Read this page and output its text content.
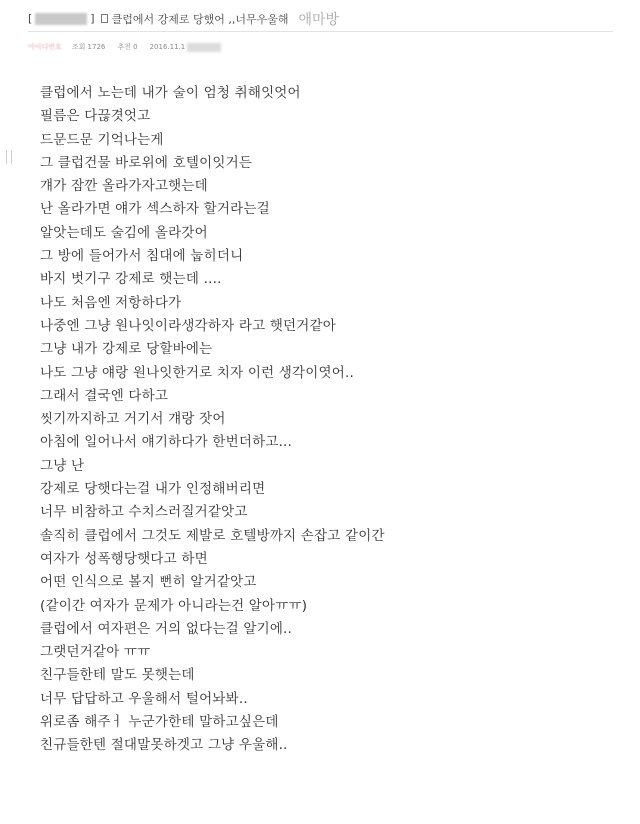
[	] 클럽에서 강제로 당했어 ,,너무우울해 애마방
아이디번호 조회 1726 추천 0 2016.11.1
클럽에서 노는데 내가 술이 엄청 취해잇엇어
필름은 다끊겻엇고
드문드문 기억나는게
그 클럽건물 바로위에 호텔이잇거든
걔가 잠깐 올라가자고햇는데
난 올라가면 얘가 섹스하자 할거라는걸
알앗는데도 술김에 올라갓어
그 방에 들어가서 침대에 눕히더니
바지 벗기구 강제로 햇는데 ....
나도 처음엔 저항하다가
나중엔 그냥 원나잇이라생각하자 라고 햇던거같아
그냥 내가 강제로 당할바에는
나도 그냥 얘랑 원나잇한거로 치자 이런 생각이엿어..
그래서 결국엔 다하고
씻기까지하고 거기서 걔랑 잣어
아침에 일어나서 얘기하다가 한번더하고...
그냥 난
강제로 당햇다는걸 내가 인정해버리면
너무 비참하고 수치스러질거같앗고
솔직히 클럽에서 그것도 제발로 호텔방까지 손잡고 같이간
여자가 성폭행당햇다고 하면
어떤 인식으로 볼지 뻔히 알거같앗고
(같이간 여자가 문제가 아니라는건 알아ㅠㅠ)
클럽에서 여자편은 거의 없다는걸 알기에..
그랫던거같아 ㅠㅠ
친구들한테 말도 못햇는데
너무 답답하고 우울해서 털어놔봐..
위로좀 해주ㅓ 누군가한테 말하고싶은데
친규들한텐 절대말못하겟고 그냥 우울해..
